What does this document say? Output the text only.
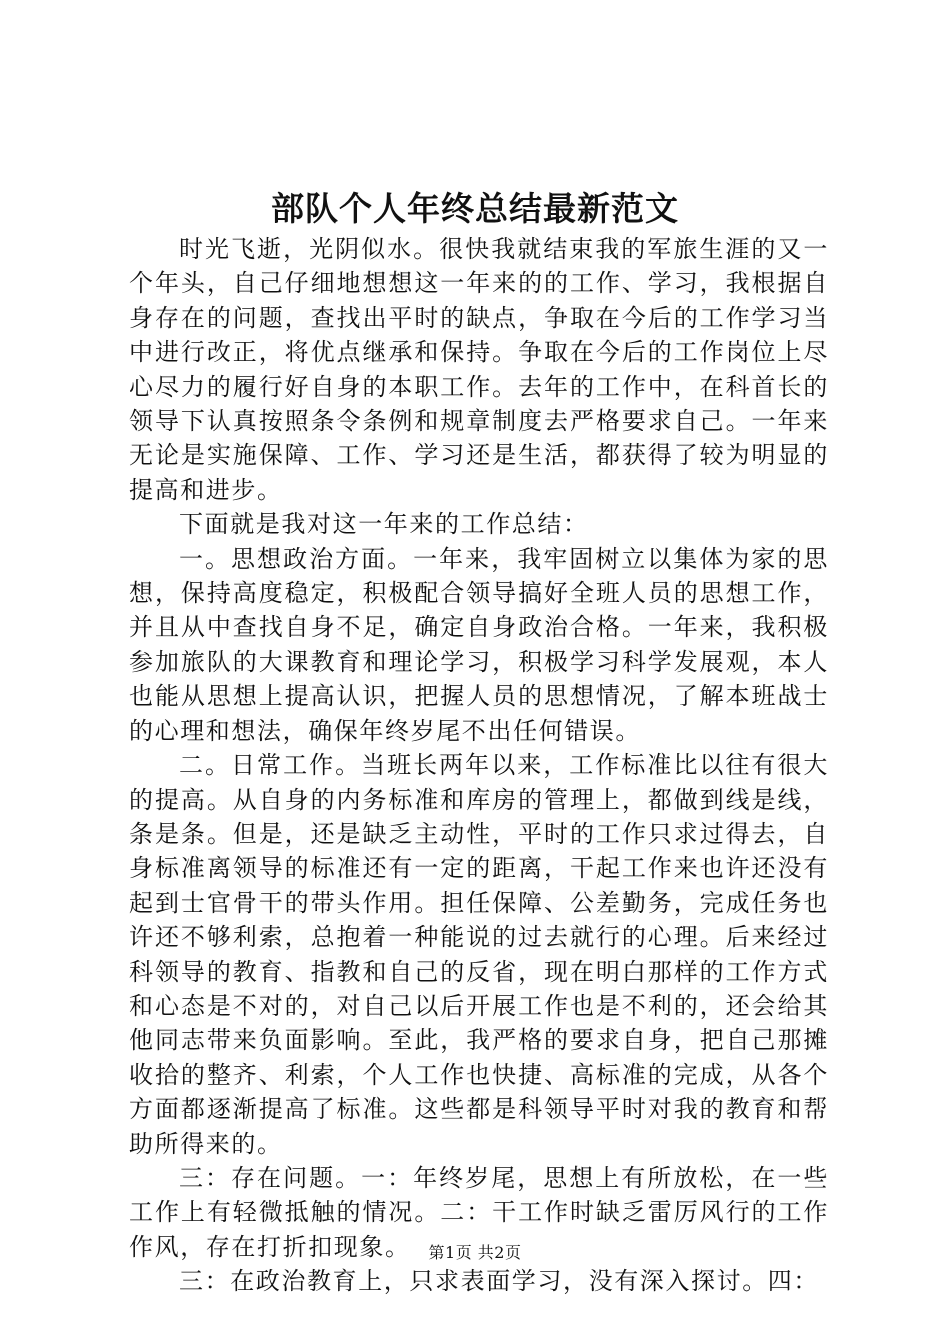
部队个人年终总结最新范文

时光飞逝，光阴似水。很快我就结束我的军旅生涯的又一个年头，自己仔细地想想这一年来的的工作、学习，我根据自身存在的问题，查找出平时的缺点，争取在今后的工作学习当中进行改正，将优点继承和保持。争取在今后的工作岗位上尽心尽力的履行好自身的本职工作。去年的工作中，在科首长的领导下认真按照条令条例和规章制度去严格要求自己。一年来无论是实施保障、工作、学习还是生活，都获得了较为明显的提高和进步。

下面就是我对这一年来的工作总结：

一。思想政治方面。一年来，我牢固树立以集体为家的思想，保持高度稳定，积极配合领导搞好全班人员的思想工作，并且从中查找自身不足，确定自身政治合格。一年来，我积极参加旅队的大课教育和理论学习，积极学习科学发展观，本人也能从思想上提高认识，把握人员的思想情况，了解本班战士的心理和想法，确保年终岁尾不出任何错误。

二。日常工作。当班长两年以来，工作标准比以往有很大的提高。从自身的内务标准和库房的管理上，都做到线是线，条是条。但是，还是缺乏主动性，平时的工作只求过得去，自身标准离领导的标准还有一定的距离，干起工作来也许还没有起到士官骨干的带头作用。担任保障、公差勤务，完成任务也许还不够利索，总抱着一种能说的过去就行的心理。后来经过科领导的教育、指教和自己的反省，现在明白那样的工作方式和心态是不对的，对自己以后开展工作也是不利的，还会给其他同志带来负面影响。至此，我严格的要求自身，把自己那摊收拾的整齐、利索，个人工作也快捷、高标准的完成，从各个方面都逐渐提高了标准。这些都是科领导平时对我的教育和帮助所得来的。

三：存在问题。一：年终岁尾，思想上有所放松，在一些工作上有轻微抵触的情况。二：干工作时缺乏雷厉风行的工作作风，存在打折扣现象。

三：在政治教育上，只求表面学习，没有深入探讨。四：

第1页 共2页
